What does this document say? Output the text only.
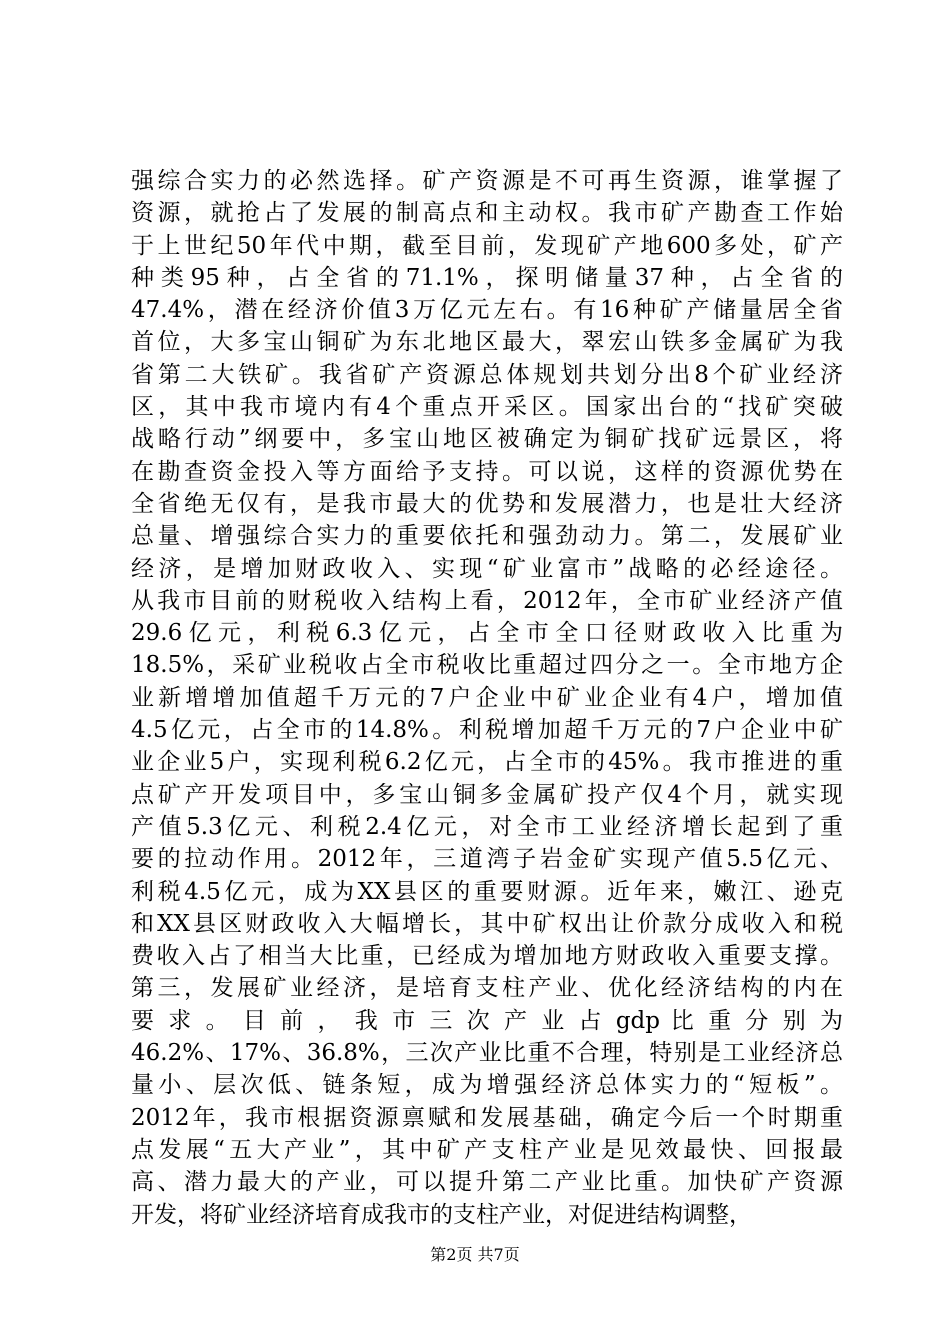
强综合实力的必然选择。矿产资源是不可再生资源，谁掌握了
资源，就抢占了发展的制高点和主动权。我市矿产勘查工作始
于上世纪50年代中期，截至目前，发现矿产地600多处，矿产
种类95种，占全省的71.1%，探明储量37种，占全省的
47.4%，潜在经济价值3万亿元左右。有16种矿产储量居全省
首位，大多宝山铜矿为东北地区最大，翠宏山铁多金属矿为我
省第二大铁矿。我省矿产资源总体规划共划分出8个矿业经济
区，其中我市境内有4个重点开采区。国家出台的“找矿突破
战略行动”纲要中，多宝山地区被确定为铜矿找矿远景区，将
在勘查资金投入等方面给予支持。可以说，这样的资源优势在
全省绝无仅有，是我市最大的优势和发展潜力，也是壮大经济
总量、增强综合实力的重要依托和强劲动力。第二，发展矿业
经济，是增加财政收入、实现“矿业富市”战略的必经途径。
从我市目前的财税收入结构上看，2012年，全市矿业经济产值
29.6亿元，利税6.3亿元，占全市全口径财政收入比重为
18.5%，采矿业税收占全市税收比重超过四分之一。全市地方企
业新增增加值超千万元的7户企业中矿业企业有4户，增加值
4.5亿元，占全市的14.8%。利税增加超千万元的7户企业中矿
业企业5户，实现利税6.2亿元，占全市的45%。我市推进的重
点矿产开发项目中，多宝山铜多金属矿投产仅4个月，就实现
产值5.3亿元、利税2.4亿元，对全市工业经济增长起到了重
要的拉动作用。2012年，三道湾子岩金矿实现产值5.5亿元、
利税4.5亿元，成为XX县区的重要财源。近年来，嫩江、逊克
和XX县区财政收入大幅增长，其中矿权出让价款分成收入和税
费收入占了相当大比重，已经成为增加地方财政收入重要支撑。
第三，发展矿业经济，是培育支柱产业、优化经济结构的内在
要 求 。 目 前 ， 我 市 三 次 产 业 占 gdp 比 重 分 别 为
46.2%、17%、36.8%，三次产业比重不合理，特别是工业经济总
量小、层次低、链条短，成为增强经济总体实力的“短板”。
2012年，我市根据资源禀赋和发展基础，确定今后一个时期重
点发展“五大产业”，其中矿产支柱产业是见效最快、回报最
高、潜力最大的产业，可以提升第二产业比重。加快矿产资源
开发，将矿业经济培育成我市的支柱产业，对促进结构调整，
第2页 共7页
